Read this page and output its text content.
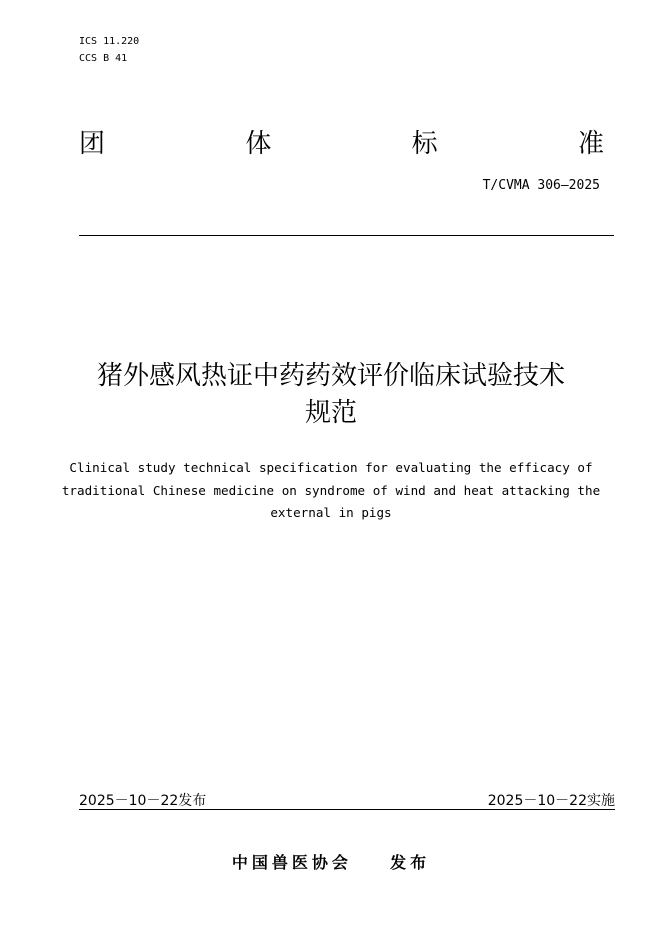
ICS 11.220
CCS B 41
团	体	标	准
T/CVMA 306—2025
猪外感风热证中药药效评价临床试验技术
规范
Clinical study technical specification for evaluating the efficacy of
traditional Chinese medicine on syndrome of wind and heat attacking the
external in pigs
2025－10－22发布	2025－10－22实施
中国兽医协会 发布
